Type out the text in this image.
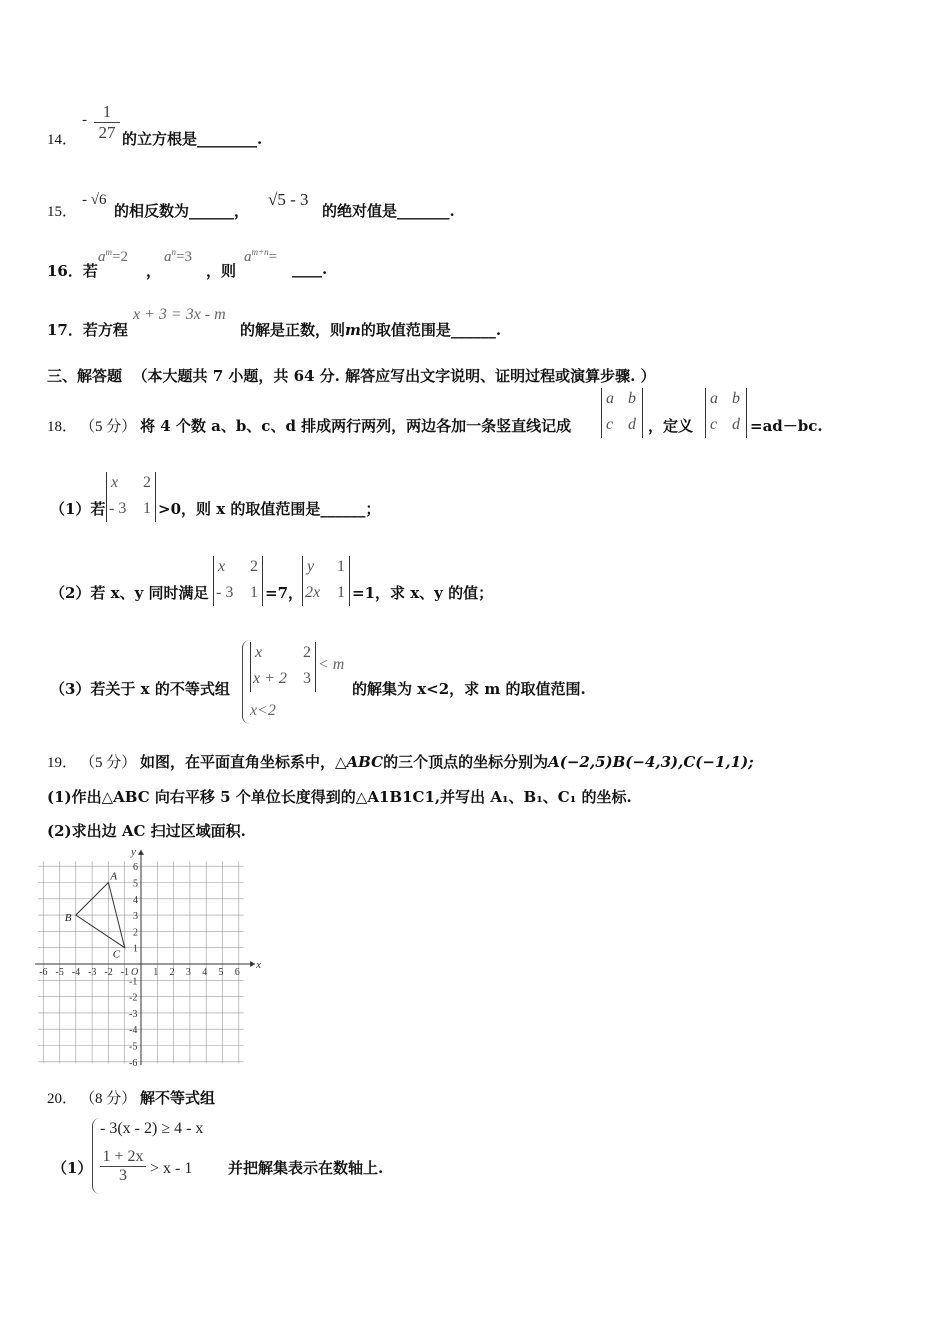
14．
- $\frac{1}{27}$ 的立方根是________.
15．
- √6
的相反数为______，
√5 - 3
的绝对值是_______.
16．若
$a^m=2$
，
$a^n=3$
，则
$a^{m+n}=$
____.
17．若方程
x + 3 = 3x - m
的解是正数，则m的取值范围是______.
三、解答题 （本大题共 7 小题，共 64 分. 解答应写出文字说明、证明过程或演算步骤. ）
18． （5 分） 将 4 个数 a、b、c、d 排成两行两列，两边各加一条竖直线记成
a b
c d ，定义
a b
c d =ad－bc.
（1）若
x 2
- 3 1 >0，则 x 的取值范围是______；
（2）若 x、y 同时满足
x 2
- 3 1 =7，
y 1
2x 1 =1，求 x、y 的值；
（3）若关于 x 的不等式组
x	2
x + 2 3
< m
x<2
的解集为 x<2，求 m 的取值范围.
19． （5 分） 如图，在平面直角坐标系中，△ABC的三个顶点的坐标分别为A(−2,5)B(−4,3),C(−1,1);
(1)作出△ABC 向右平移 5 个单位长度得到的△A1B1C1,并写出 A₁、B₁、C₁ 的坐标.
(2)求出边 AC 扫过区域面积.
x
y
O
-6 -5 -4 -3 -2 -1 1 2 3 4 5 6
1
2
3
4
5
6
-1
-2
-3
-4
-5
-6
A
B
C
20． （8 分） 解不等式组
（1）
- 3(x - 2) ≥ 4 - x
$\frac{1 + 2x}{3} > x - 1$ 并把解集表示在数轴上.
